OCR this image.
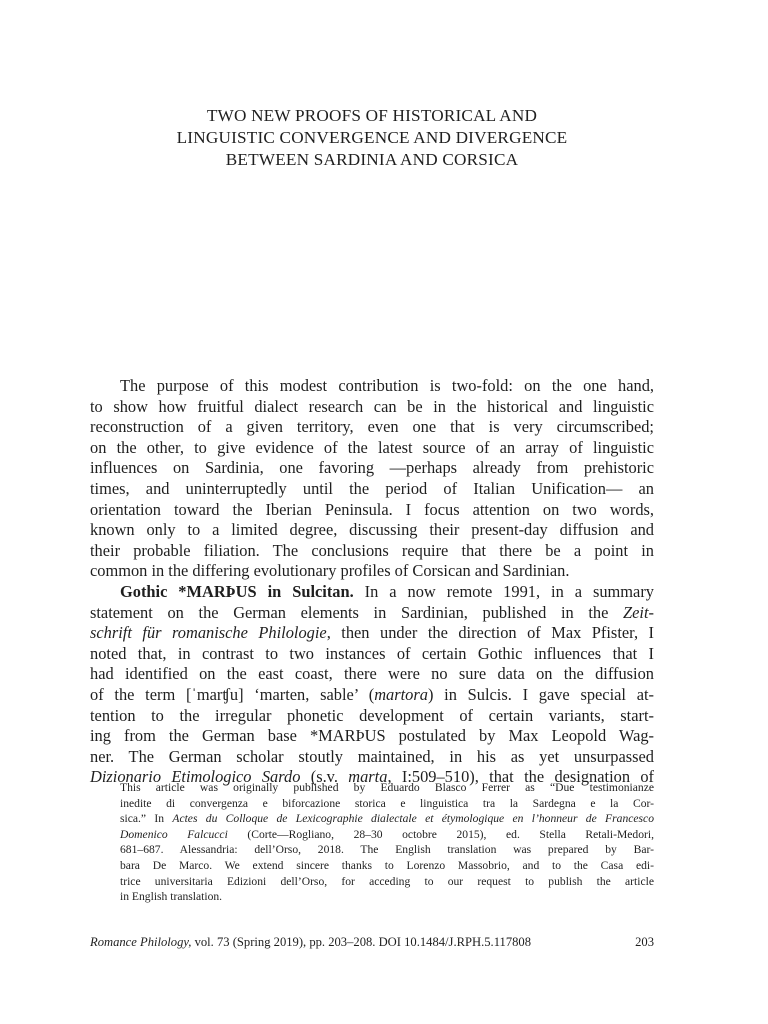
TWO NEW PROOFS OF HISTORICAL AND
LINGUISTIC CONVERGENCE AND DIVERGENCE
BETWEEN SARDINIA AND CORSICA
The purpose of this modest contribution is two-fold: on the one hand,
to show how fruitful dialect research can be in the historical and linguistic
reconstruction of a given territory, even one that is very circumscribed;
on the other, to give evidence of the latest source of an array of linguistic
influences on Sardinia, one favoring —perhaps already from prehistoric
times, and uninterruptedly until the period of Italian Unification— an
orientation toward the Iberian Peninsula. I focus attention on two words,
known only to a limited degree, discussing their present-day diffusion and
their probable filiation. The conclusions require that there be a point in
common in the differing evolutionary profiles of Corsican and Sardinian.
Gothic *MARÞUS in Sulcitan. In a now remote 1991, in a summary
statement on the German elements in Sardinian, published in the Zeit-
schrift für romanische Philologie, then under the direction of Max Pfister, I
noted that, in contrast to two instances of certain Gothic influences that I
had identified on the east coast, there were no sure data on the diffusion
of the term [ˈmarʧu] ‘marten, sable’ (martora) in Sulcis. I gave special at-
tention to the irregular phonetic development of certain variants, start-
ing from the German base *MARÞUS postulated by Max Leopold Wag-
ner. The German scholar stoutly maintained, in his as yet unsurpassed
Dizionario Etimologico Sardo (s.v. marta, I:509–510), that the designation of
This article was originally published by Eduardo Blasco Ferrer as “Due testimonianze
inedite di convergenza e biforcazione storica e linguistica tra la Sardegna e la Cor-
sica.” In Actes du Colloque de Lexicographie dialectale et étymologique en l’honneur de Francesco
Domenico Falcucci (Corte—Rogliano, 28–30 octobre 2015), ed. Stella Retali-Medori,
681–687. Alessandria: dell’Orso, 2018. The English translation was prepared by Bar-
bara De Marco. We extend sincere thanks to Lorenzo Massobrio, and to the Casa edi-
trice universitaria Edizioni dell’Orso, for acceding to our request to publish the article
in English translation.
Romance Philology, vol. 73 (Spring 2019), pp. 203–208. DOI 10.1484/J.RPH.5.117808	203
